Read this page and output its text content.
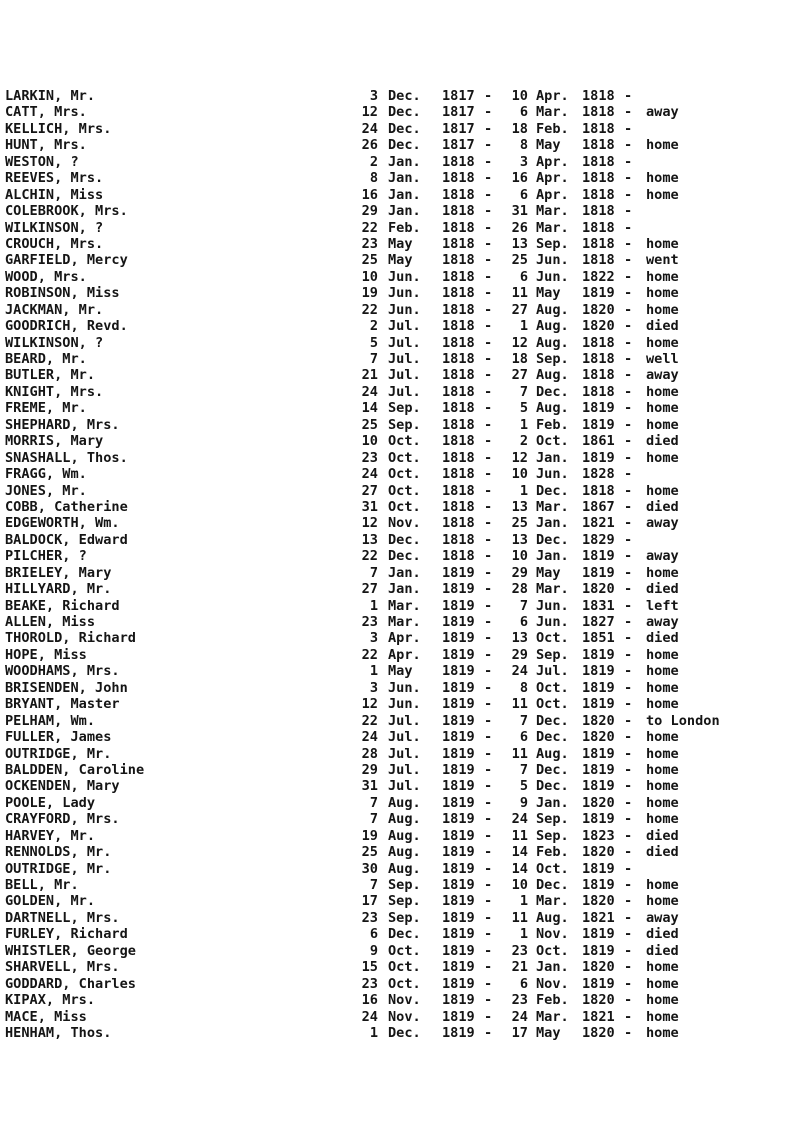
LARKIN, Mr.	3 Dec. 1817 -	10 Apr. 1818 -
CATT, Mrs.	12 Dec. 1817 -	6 Mar. 1818 - away
KELLICH, Mrs.	24 Dec. 1817 -	18 Feb. 1818 -
HUNT, Mrs.	26 Dec. 1817 -	8 May 1818 - home
WESTON, ?	2 Jan. 1818 -	3 Apr. 1818 -
REEVES, Mrs.	8 Jan. 1818 -	16 Apr. 1818 - home
ALCHIN, Miss	16 Jan. 1818 -	6 Apr. 1818 - home
COLEBROOK, Mrs.	29 Jan. 1818 -	31 Mar. 1818 -
WILKINSON, ?	22 Feb. 1818 -	26 Mar. 1818 -
CROUCH, Mrs.	23 May 1818 -	13 Sep. 1818 - home
GARFIELD, Mercy	25 May 1818 -	25 Jun. 1818 - went
WOOD, Mrs.	10 Jun. 1818 -	6 Jun. 1822 - home
ROBINSON, Miss	19 Jun. 1818 -	11 May 1819 - home
JACKMAN, Mr.	22 Jun. 1818 -	27 Aug. 1820 - home
GOODRICH, Revd.	2 Jul. 1818 -	1 Aug. 1820 - died
WILKINSON, ?	5 Jul. 1818 -	12 Aug. 1818 - home
BEARD, Mr.	7 Jul. 1818 -	18 Sep. 1818 - well
BUTLER, Mr.	21 Jul. 1818 -	27 Aug. 1818 - away
KNIGHT, Mrs.	24 Jul. 1818 -	7 Dec. 1818 - home
FREME, Mr.	14 Sep. 1818 -	5 Aug. 1819 - home
SHEPHARD, Mrs.	25 Sep. 1818 -	1 Feb. 1819 - home
MORRIS, Mary	10 Oct. 1818 -	2 Oct. 1861 - died
SNASHALL, Thos.	23 Oct. 1818 -	12 Jan. 1819 - home
FRAGG, Wm.	24 Oct. 1818 -	10 Jun. 1828 -
JONES, Mr.	27 Oct. 1818 -	1 Dec. 1818 - home
COBB, Catherine	31 Oct. 1818 -	13 Mar. 1867 - died
EDGEWORTH, Wm.	12 Nov. 1818 -	25 Jan. 1821 - away
BALDOCK, Edward	13 Dec. 1818 -	13 Dec. 1829 -
PILCHER, ?	22 Dec. 1818 -	10 Jan. 1819 - away
BRIELEY, Mary	7 Jan. 1819 -	29 May 1819 - home
HILLYARD, Mr.	27 Jan. 1819 -	28 Mar. 1820 - died
BEAKE, Richard	1 Mar. 1819 -	7 Jun. 1831 - left
ALLEN, Miss	23 Mar. 1819 -	6 Jun. 1827 - away
THOROLD, Richard	3 Apr. 1819 -	13 Oct. 1851 - died
HOPE, Miss	22 Apr. 1819 -	29 Sep. 1819 - home
WOODHAMS, Mrs.	1 May 1819 -	24 Jul. 1819 - home
BRISENDEN, John	3 Jun. 1819 -	8 Oct. 1819 - home
BRYANT, Master	12 Jun. 1819 -	11 Oct. 1819 - home
PELHAM, Wm.	22 Jul. 1819 -	7 Dec. 1820 - to London
FULLER, James	24 Jul. 1819 -	6 Dec. 1820 - home
OUTRIDGE, Mr.	28 Jul. 1819 -	11 Aug. 1819 - home
BALDDEN, Caroline	29 Jul. 1819 -	7 Dec. 1819 - home
OCKENDEN, Mary	31 Jul. 1819 -	5 Dec. 1819 - home
POOLE, Lady	7 Aug. 1819 -	9 Jan. 1820 - home
CRAYFORD, Mrs.	7 Aug. 1819 -	24 Sep. 1819 - home
HARVEY, Mr.	19 Aug. 1819 -	11 Sep. 1823 - died
RENNOLDS, Mr.	25 Aug. 1819 -	14 Feb. 1820 - died
OUTRIDGE, Mr.	30 Aug. 1819 -	14 Oct. 1819 -
BELL, Mr.	7 Sep. 1819 -	10 Dec. 1819 - home
GOLDEN, Mr.	17 Sep. 1819 -	1 Mar. 1820 - home
DARTNELL, Mrs.	23 Sep. 1819 -	11 Aug. 1821 - away
FURLEY, Richard	6 Dec. 1819 -	1 Nov. 1819 - died
WHISTLER, George	9 Oct. 1819 -	23 Oct. 1819 - died
SHARVELL, Mrs.	15 Oct. 1819 -	21 Jan. 1820 - home
GODDARD, Charles	23 Oct. 1819 -	6 Nov. 1819 - home
KIPAX, Mrs.	16 Nov. 1819 -	23 Feb. 1820 - home
MACE, Miss	24 Nov. 1819 -	24 Mar. 1821 - home
HENHAM, Thos.	1 Dec. 1819 -	17 May 1820 - home
